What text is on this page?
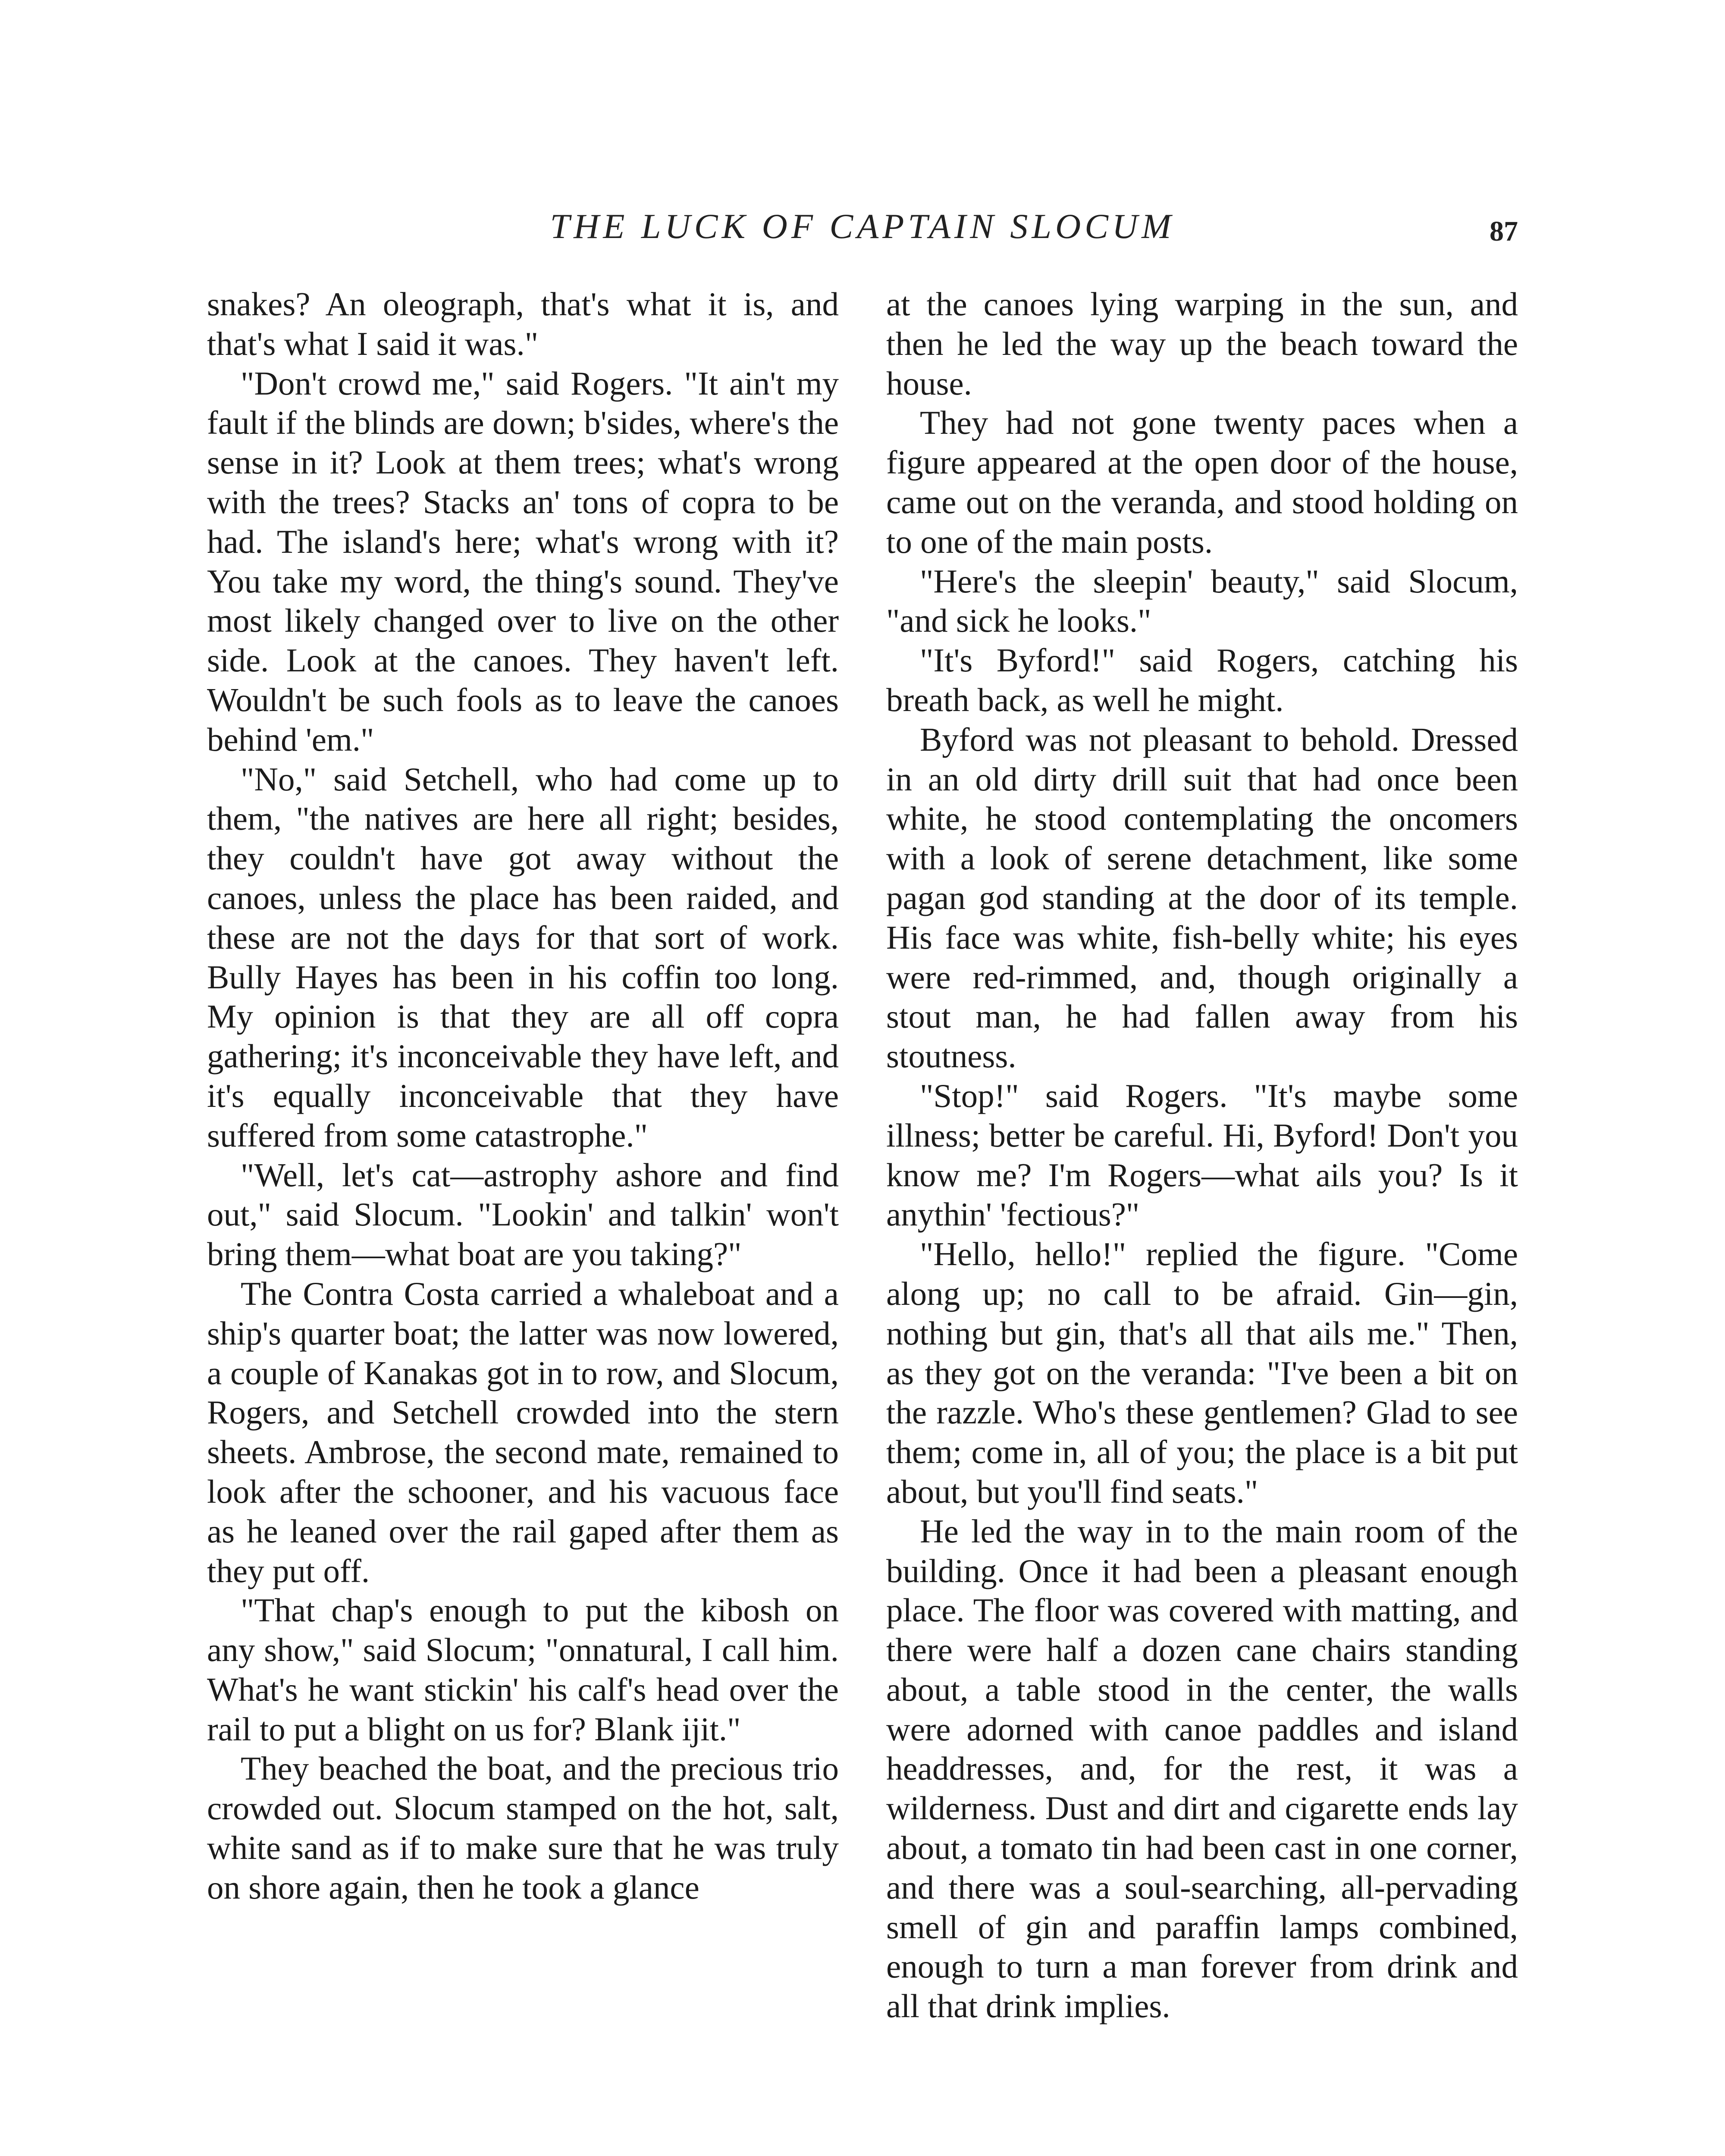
THE LUCK OF CAPTAIN SLOCUM	87

snakes? An oleograph, that's what it is, and that's what I said it was."

"Don't crowd me," said Rogers. "It ain't my fault if the blinds are down; b'sides, where's the sense in it? Look at them trees; what's wrong with the trees? Stacks an' tons of copra to be had. The island's here; what's wrong with it? You take my word, the thing's sound. They've most likely changed over to live on the other side. Look at the canoes. They haven't left. Wouldn't be such fools as to leave the canoes behind 'em."

"No," said Setchell, who had come up to them, "the natives are here all right; besides, they couldn't have got away without the canoes, unless the place has been raided, and these are not the days for that sort of work. Bully Hayes has been in his coffin too long. My opinion is that they are all off copra gathering; it's inconceivable they have left, and it's equally inconceivable that they have suffered from some catastrophe."

"Well, let's cat—astrophy ashore and find out," said Slocum. "Lookin' and talkin' won't bring them—what boat are you taking?"

The Contra Costa carried a whaleboat and a ship's quarter boat; the latter was now lowered, a couple of Kanakas got in to row, and Slocum, Rogers, and Setchell crowded into the stern sheets. Ambrose, the second mate, remained to look after the schooner, and his vacuous face as he leaned over the rail gaped after them as they put off.

"That chap's enough to put the kibosh on any show," said Slocum; "onnatural, I call him. What's he want stickin' his calf's head over the rail to put a blight on us for? Blank ijit."

They beached the boat, and the precious trio crowded out. Slocum stamped on the hot, salt, white sand as if to make sure that he was truly on shore again, then he took a glance

at the canoes lying warping in the sun, and then he led the way up the beach toward the house.

They had not gone twenty paces when a figure appeared at the open door of the house, came out on the veranda, and stood holding on to one of the main posts.

"Here's the sleepin' beauty," said Slocum, "and sick he looks."

"It's Byford!" said Rogers, catching his breath back, as well he might.

Byford was not pleasant to behold. Dressed in an old dirty drill suit that had once been white, he stood contemplating the oncomers with a look of serene detachment, like some pagan god standing at the door of its temple. His face was white, fish-belly white; his eyes were red-rimmed, and, though originally a stout man, he had fallen away from his stoutness.

"Stop!" said Rogers. "It's maybe some illness; better be careful. Hi, Byford! Don't you know me? I'm Rogers—what ails you? Is it anythin' 'fectious?"

"Hello, hello!" replied the figure. "Come along up; no call to be afraid. Gin—gin, nothing but gin, that's all that ails me." Then, as they got on the veranda: "I've been a bit on the razzle. Who's these gentlemen? Glad to see them; come in, all of you; the place is a bit put about, but you'll find seats."

He led the way in to the main room of the building. Once it had been a pleasant enough place. The floor was covered with matting, and there were half a dozen cane chairs standing about, a table stood in the center, the walls were adorned with canoe paddles and island headdresses, and, for the rest, it was a wilderness. Dust and dirt and cigarette ends lay about, a tomato tin had been cast in one corner, and there was a soul-searching, all-pervading smell of gin and paraffin lamps combined, enough to turn a man forever from drink and all that drink implies.
